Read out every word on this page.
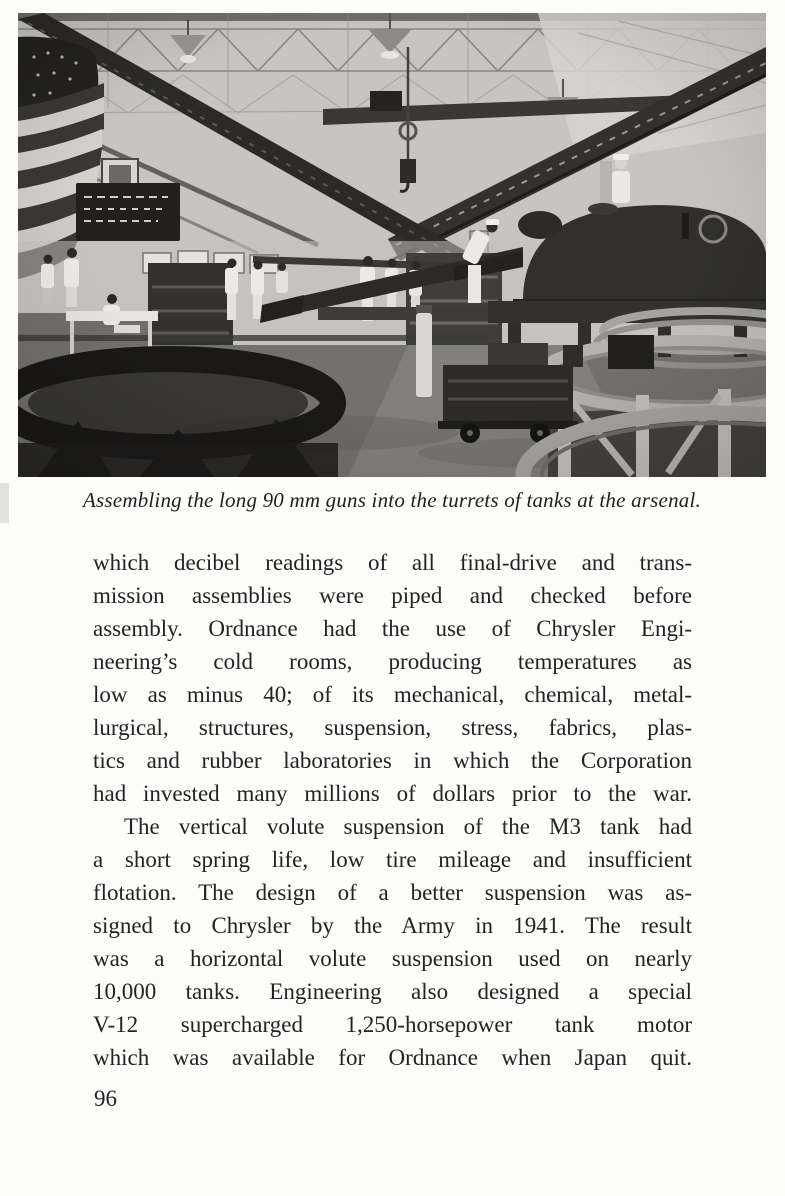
Assembling the long 90 mm guns into the turrets of tanks at the arsenal.

which decibel readings of all final-drive and trans-
mission assemblies were piped and checked before
assembly. Ordnance had the use of Chrysler Engi-
neering’s cold rooms, producing temperatures as
low as minus 40; of its mechanical, chemical, metal-
lurgical, structures, suspension, stress, fabrics, plas-
tics and rubber laboratories in which the Corporation
had invested many millions of dollars prior to the war.

The vertical volute suspension of the M3 tank had
a short spring life, low tire mileage and insufficient
flotation. The design of a better suspension was as-
signed to Chrysler by the Army in 1941. The result
was a horizontal volute suspension used on nearly
10,000 tanks. Engineering also designed a special
V-12 supercharged 1,250-horsepower tank motor
which was available for Ordnance when Japan quit.

96
